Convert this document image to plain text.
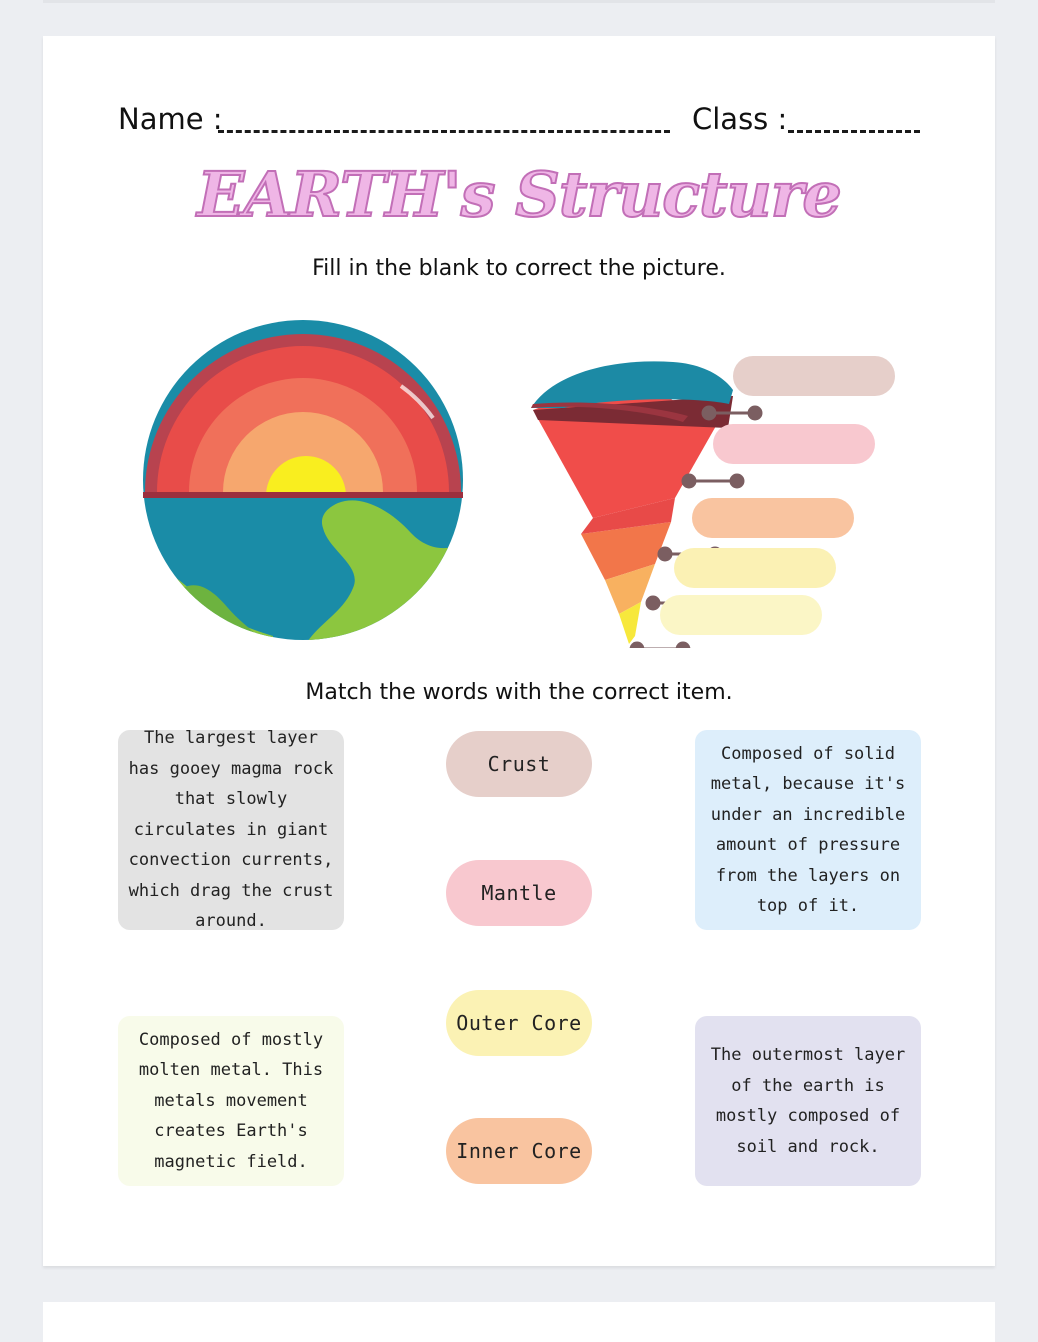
Name :	Class :
EARTH's Structure
Fill in the blank to correct the picture.
Match the words with the correct item.
Crust
Mantle
Outer Core
Inner Core
The largest layer has gooey magma rock that slowly circulates in giant convection currents, which drag the crust around.
Composed of solid metal, because it's under an incredible amount of pressure from the layers on top of it.
Composed of mostly molten metal. This metals movement creates Earth's magnetic field.
The outermost layer of the earth is mostly composed of soil and rock.
